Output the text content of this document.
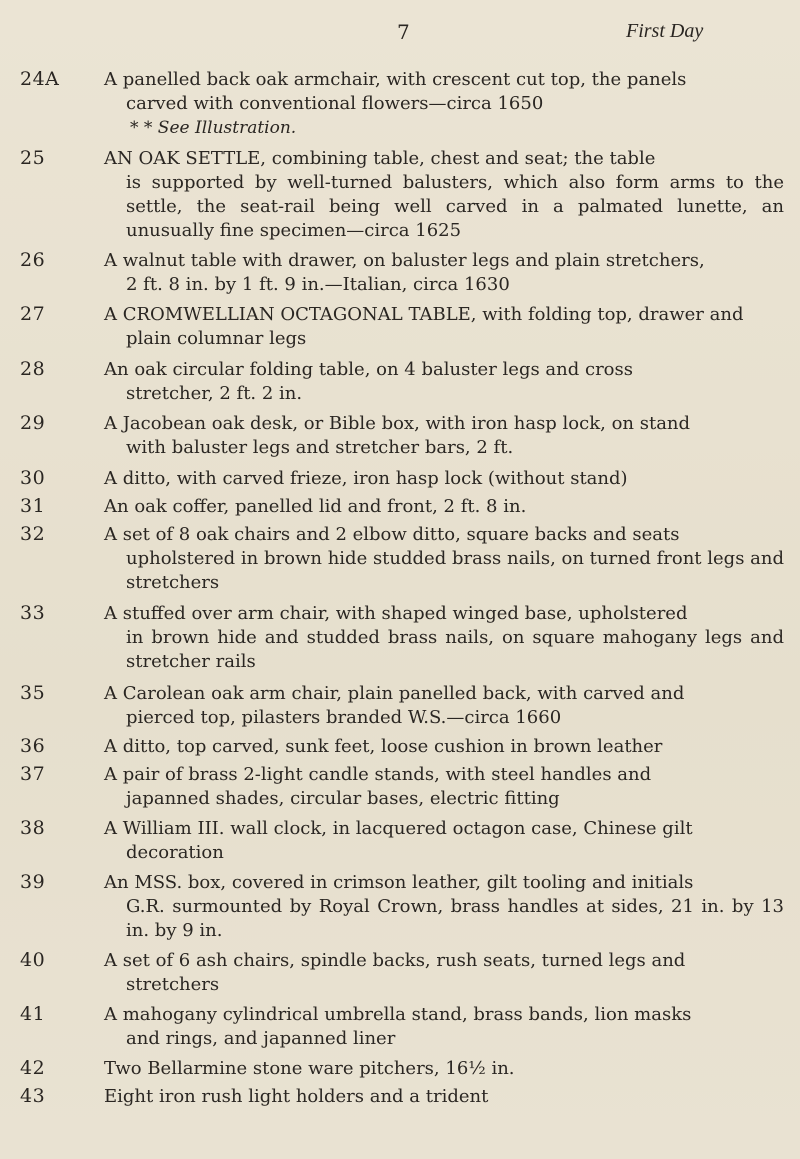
7	First Day
24A	A panelled back oak armchair, with crescent cut top, the panels
carved with conventional flowers—circa 1650
* * See Illustration.
25	AN OAK SETTLE, combining table, chest and seat; the table
is supported by well-turned balusters, which also form arms to the settle, the seat-rail being well carved in a palmated lunette, an unusually fine specimen—circa 1625
26	A walnut table with drawer, on baluster legs and plain stretchers,
2 ft. 8 in. by 1 ft. 9 in.—Italian, circa 1630
27	A CROMWELLIAN OCTAGONAL TABLE, with folding top, drawer and
plain columnar legs
28	An oak circular folding table, on 4 baluster legs and cross
stretcher, 2 ft. 2 in.
29	A Jacobean oak desk, or Bible box, with iron hasp lock, on stand
with baluster legs and stretcher bars, 2 ft.
30	A ditto, with carved frieze, iron hasp lock (without stand)
31	An oak coffer, panelled lid and front, 2 ft. 8 in.
32	A set of 8 oak chairs and 2 elbow ditto, square backs and seats
upholstered in brown hide studded brass nails, on turned front legs and stretchers
33	A stuffed over arm chair, with shaped winged base, upholstered
in brown hide and studded brass nails, on square mahogany legs and stretcher rails
35	A Carolean oak arm chair, plain panelled back, with carved and
pierced top, pilasters branded W.S.—circa 1660
36	A ditto, top carved, sunk feet, loose cushion in brown leather
37	A pair of brass 2-light candle stands, with steel handles and
japanned shades, circular bases, electric fitting
38	A William III. wall clock, in lacquered octagon case, Chinese gilt
decoration
39	An MSS. box, covered in crimson leather, gilt tooling and initials
G.R. surmounted by Royal Crown, brass handles at sides, 21 in. by 13 in. by 9 in.
40	A set of 6 ash chairs, spindle backs, rush seats, turned legs and
stretchers
41	A mahogany cylindrical umbrella stand, brass bands, lion masks
and rings, and japanned liner
42	Two Bellarmine stone ware pitchers, 16½ in.
43	Eight iron rush light holders and a trident
